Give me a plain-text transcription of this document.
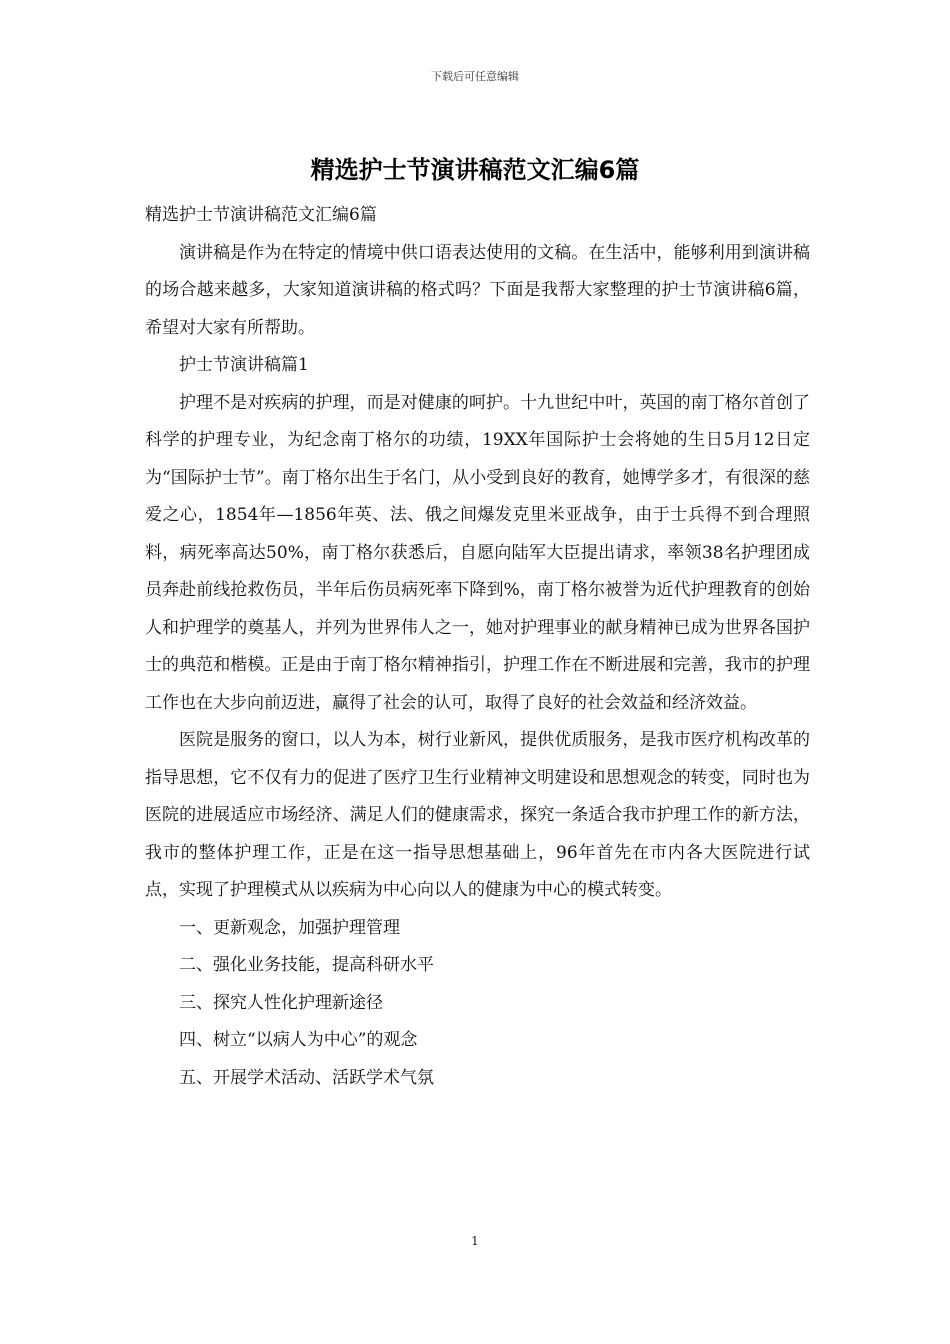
下载后可任意编辑
精选护士节演讲稿范文汇编6篇

精选护士节演讲稿范文汇编6篇

演讲稿是作为在特定的情境中供口语表达使用的文稿。在生活中，能够利用到演讲稿的场合越来越多，大家知道演讲稿的格式吗？下面是我帮大家整理的护士节演讲稿6篇，希望对大家有所帮助。

护士节演讲稿篇1

护理不是对疾病的护理，而是对健康的呵护。十九世纪中叶，英国的南丁格尔首创了科学的护理专业，为纪念南丁格尔的功绩，19XX年国际护士会将她的生日5月12日定为“国际护士节”。南丁格尔出生于名门，从小受到良好的教育，她博学多才，有很深的慈爱之心，1854年—1856年英、法、俄之间爆发克里米亚战争，由于士兵得不到合理照料，病死率高达50%，南丁格尔获悉后，自愿向陆军大臣提出请求，率领38名护理团成员奔赴前线抢救伤员，半年后伤员病死率下降到%，南丁格尔被誉为近代护理教育的创始人和护理学的奠基人，并列为世界伟人之一，她对护理事业的献身精神已成为世界各国护士的典范和楷模。正是由于南丁格尔精神指引，护理工作在不断进展和完善，我市的护理工作也在大步向前迈进，赢得了社会的认可，取得了良好的社会效益和经济效益。

医院是服务的窗口，以人为本，树行业新风，提供优质服务，是我市医疗机构改革的指导思想，它不仅有力的促进了医疗卫生行业精神文明建设和思想观念的转变，同时也为医院的进展适应市场经济、满足人们的健康需求，探究一条适合我市护理工作的新方法，我市的整体护理工作，正是在这一指导思想基础上，96年首先在市内各大医院进行试点，实现了护理模式从以疾病为中心向以人的健康为中心的模式转变。

一、更新观念，加强护理管理

二、强化业务技能，提高科研水平

三、探究人性化护理新途径

四、树立“以病人为中心”的观念

五、开展学术活动、活跃学术气氛

1
